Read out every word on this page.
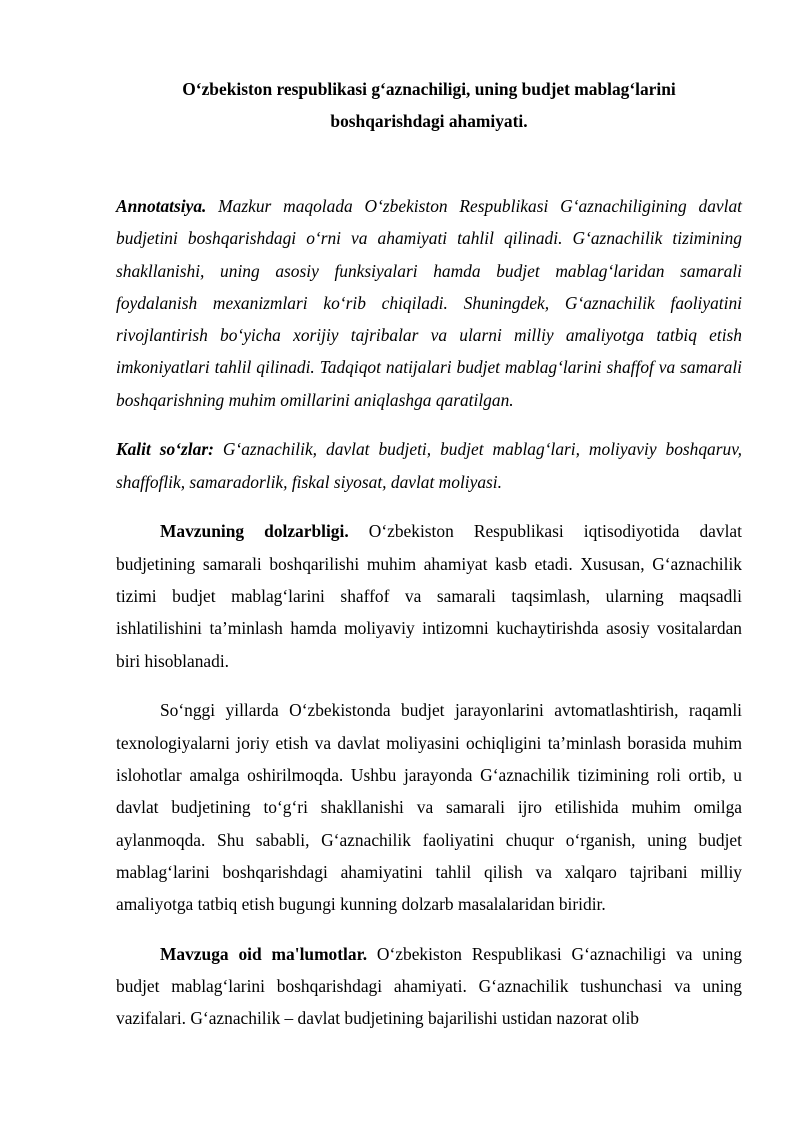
O‘zbekiston respublikasi g‘aznachiligi, uning budjet mablag‘larini
boshqarishdagi ahamiyati.

Annotatsiya. Mazkur maqolada O‘zbekiston Respublikasi G‘aznachiligining davlat budjetini boshqarishdagi o‘rni va ahamiyati tahlil qilinadi. G‘aznachilik tizimining shakllanishi, uning asosiy funksiyalari hamda budjet mablag‘laridan samarali foydalanish mexanizmlari ko‘rib chiqiladi. Shuningdek, G‘aznachilik faoliyatini rivojlantirish bo‘yicha xorijiy tajribalar va ularni milliy amaliyotga tatbiq etish imkoniyatlari tahlil qilinadi. Tadqiqot natijalari budjet mablag‘larini shaffof va samarali boshqarishning muhim omillarini aniqlashga qaratilgan.

Kalit so‘zlar: G‘aznachilik, davlat budjeti, budjet mablag‘lari, moliyaviy boshqaruv, shaffoflik, samaradorlik, fiskal siyosat, davlat moliyasi.

Mavzuning dolzarbligi. O‘zbekiston Respublikasi iqtisodiyotida davlat budjetining samarali boshqarilishi muhim ahamiyat kasb etadi. Xususan, G‘aznachilik tizimi budjet mablag‘larini shaffof va samarali taqsimlash, ularning maqsadli ishlatilishini ta’minlash hamda moliyaviy intizomni kuchaytirishda asosiy vositalardan biri hisoblanadi.

So‘nggi yillarda O‘zbekistonda budjet jarayonlarini avtomatlashtirish, raqamli texnologiyalarni joriy etish va davlat moliyasini ochiqligini ta’minlash borasida muhim islohotlar amalga oshirilmoqda. Ushbu jarayonda G‘aznachilik tizimining roli ortib, u davlat budjetining to‘g‘ri shakllanishi va samarali ijro etilishida muhim omilga aylanmoqda. Shu sababli, G‘aznachilik faoliyatini chuqur o‘rganish, uning budjet mablag‘larini boshqarishdagi ahamiyatini tahlil qilish va xalqaro tajribani milliy amaliyotga tatbiq etish bugungi kunning dolzarb masalalaridan biridir.

Mavzuga oid ma'lumotlar. O‘zbekiston Respublikasi G‘aznachiligi va uning budjet mablag‘larini boshqarishdagi ahamiyati. G‘aznachilik tushunchasi va uning vazifalari. G‘aznachilik – davlat budjetining bajarilishi ustidan nazorat olib
